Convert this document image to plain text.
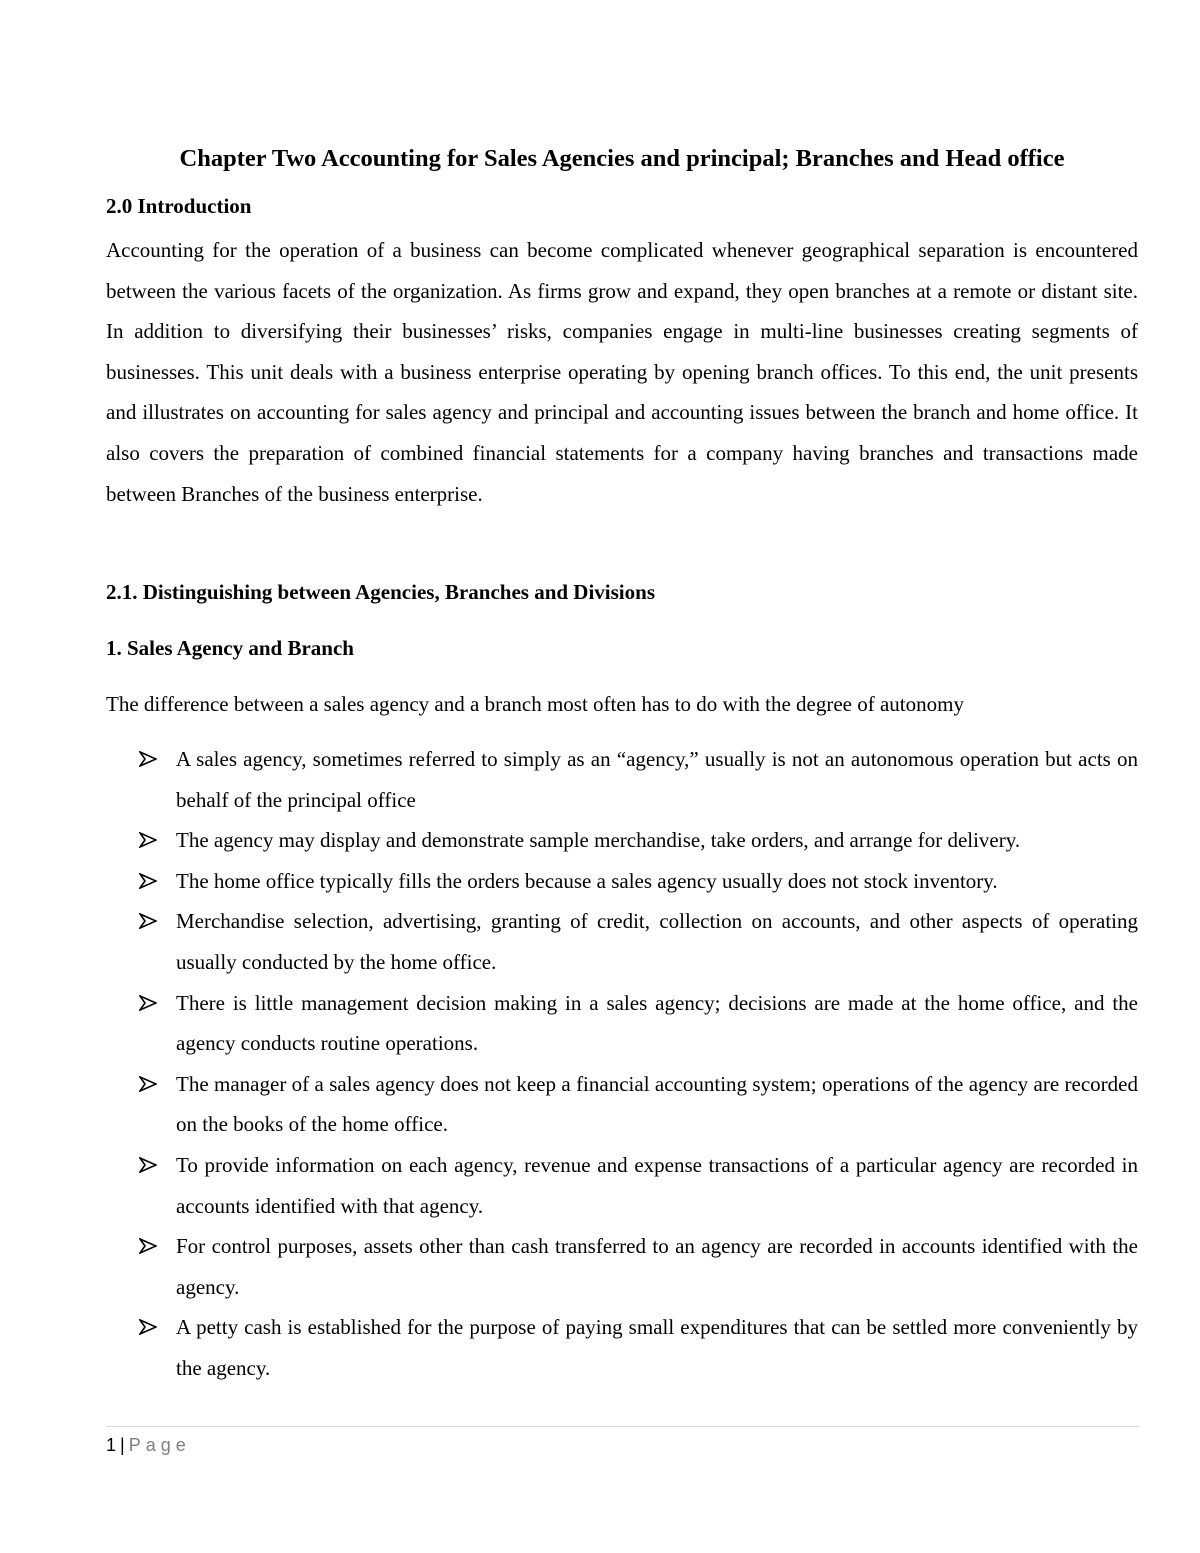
Chapter Two Accounting for Sales Agencies and principal; Branches and Head office
2.0 Introduction

Accounting for the operation of a business can become complicated whenever geographical separation is encountered between the various facets of the organization. As firms grow and expand, they open branches at a remote or distant site. In addition to diversifying their businesses’ risks, companies engage in multi-line businesses creating segments of businesses. This unit deals with a business enterprise operating by opening branch offices. To this end, the unit presents and illustrates on accounting for sales agency and principal and accounting issues between the branch and home office. It also covers the preparation of combined financial statements for a company having branches and transactions made between Branches of the business enterprise.

2.1. Distinguishing between Agencies, Branches and Divisions
1. Sales Agency and Branch

The difference between a sales agency and a branch most often has to do with the degree of autonomy

A sales agency, sometimes referred to simply as an “agency,” usually is not an autonomous operation but acts on behalf of the principal office
The agency may display and demonstrate sample merchandise, take orders, and arrange for delivery.
The home office typically fills the orders because a sales agency usually does not stock inventory.
Merchandise selection, advertising, granting of credit, collection on accounts, and other aspects of operating usually conducted by the home office.
There is little management decision making in a sales agency; decisions are made at the home office, and the agency conducts routine operations.
The manager of a sales agency does not keep a financial accounting system; operations of the agency are recorded on the books of the home office.
To provide information on each agency, revenue and expense transactions of a particular agency are recorded in accounts identified with that agency.
For control purposes, assets other than cash transferred to an agency are recorded in accounts identified with the agency.
A petty cash is established for the purpose of paying small expenditures that can be settled more conveniently by the agency.
1 | Page
